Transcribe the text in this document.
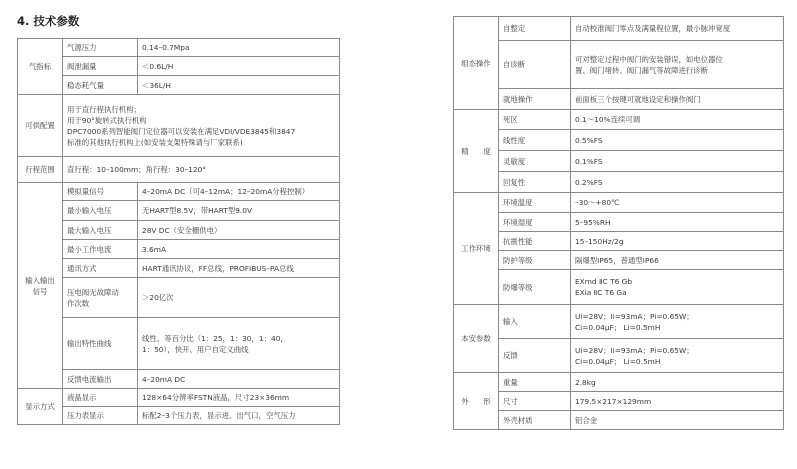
4. 技术参数
气指标	气源压力	0.14–0.7Mpa
	阀泄漏量	＜0.6L/H
	稳态耗气量	＜36L/H
可供配置	用于直行程执行机构；
用于90°旋转式执行机构
DPC7000系列智能阀门定位器可以安装在满足VDI/VDE3845和3847
标准的其他执行机构上(如安装支架特殊请与厂家联系)	

行程范围	直行程：10–100mm；角行程：30–120°	

输入输出
信号	模拟量信号	4–20mA DC（可4–12mA；12–20mA分程控制）
	最小输入电压	无HART型8.5V，带HART型9.0V
	最大输入电压	28V DC（安全栅供电）
	最小工作电流	3.6mA
	通讯方式	HART通讯协议，FF总线，PROFIBUS–PA总线

	压电阀无故障动
作次数	＞20亿次
	输出特性曲线	线性、等百分比（1：25，1：30，1：40，
1：50），快开、用户自定义曲线

	反馈电流输出	4–20mA DC
显示方式	液晶显示	128×64分辨率FSTN液晶，尺寸23×36mm
	压力表显示	标配2–3个压力表，显示进、出气口，空气压力
组态操作	自整定	自动校准阀门零点及满量程位置，最小脉冲宽度
	自诊断	可对整定过程中阀门的安装错误，如电位器位
置、阀门堵转、阀门漏气等故障进行诊断

	就地操作	前面板三个按键可就地设定和操作阀门
精　　度	死区	0.1～10%连续可调
	线性度	0.5%FS
	灵敏度	0.1%FS
	回复性	0.2%FS
工作环境	环境温度	–30～+80℃
	环境湿度	5–95%RH
	抗震性能	15–150Hz/2g
	防护等级	隔爆型IP65，普通型IP66
	防爆等级	EXmd ⅡC T6 Gb
EXia ⅡC T6 Ga

本安参数	输入	Ui=28V；Ii=93mA；Pi=0.65W；
Ci=0.04μF； Li=0.5mH

	反馈	Ui=28V；Ii=93mA；Pi=0.65W；
Ci=0.04μF； Li=0.5mH

外　　形	重量	2.8kg
	尺寸	179.5×217×129mm
	外壳材质	铝合金
